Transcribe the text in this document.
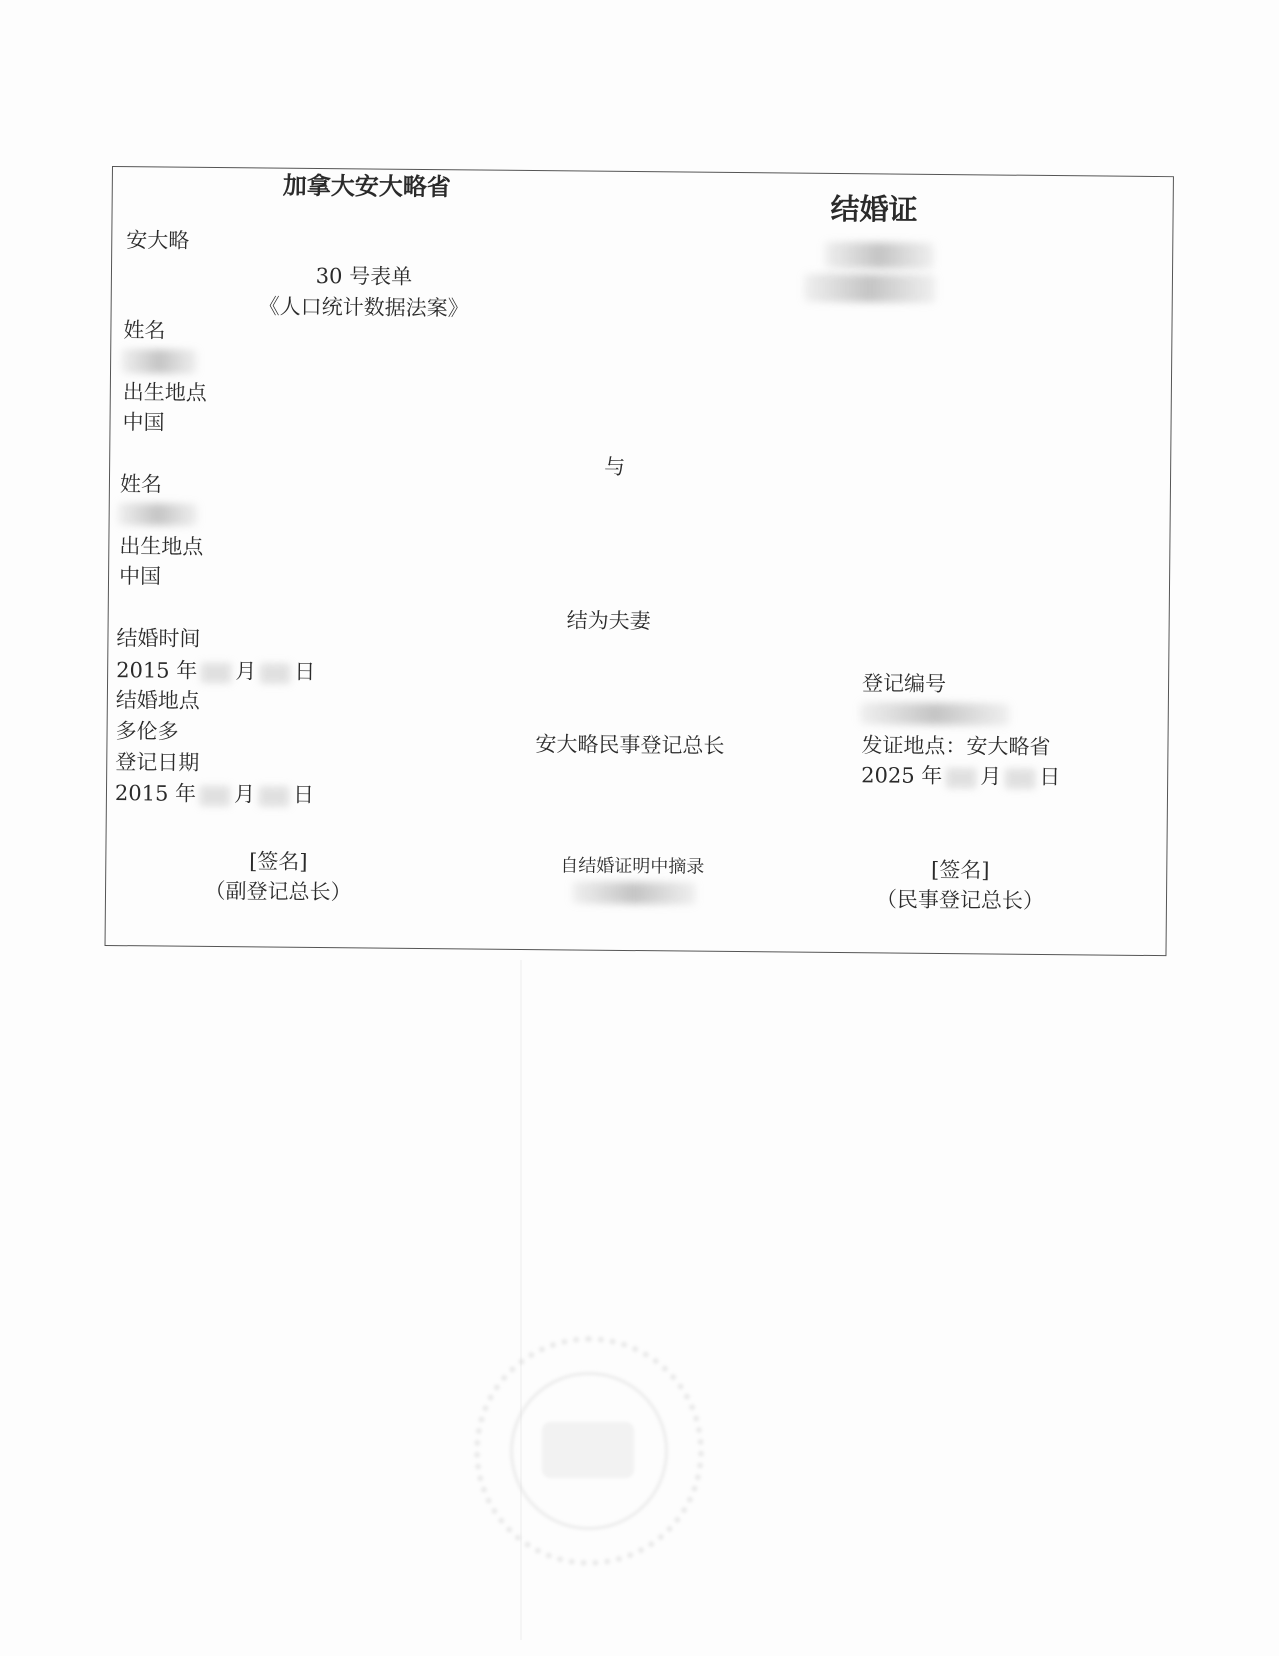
加拿大安大略省
结婚证
安大略
30 号表单
《人口统计数据法案》
姓名
出生地点
中国
与
姓名
出生地点
中国
结为夫妻
结婚时间
2015 年 月 日
结婚地点
多伦多
登记日期
2015 年 月 日
安大略民事登记总长
登记编号
发证地点：安大略省
2025 年 月 日
[签名]
（副登记总长）
自结婚证明中摘录	[签名]
（民事登记总长）
